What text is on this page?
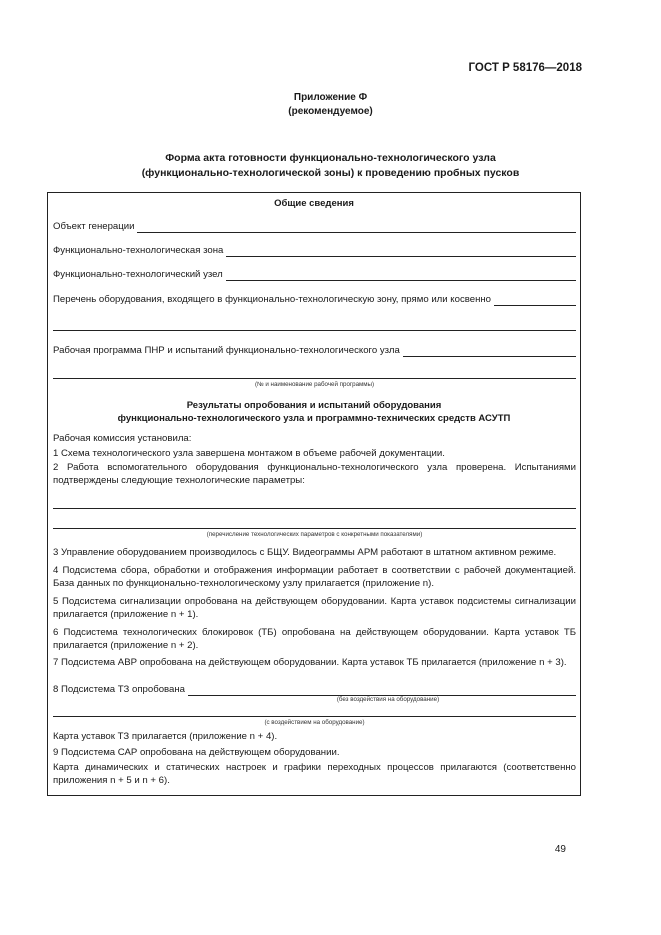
ГОСТ Р 58176—2018
Приложение Ф
(рекомендуемое)
Форма акта готовности функционально-технологического узла
(функционально-технологической зоны) к проведению пробных пусков
Общие сведения
Объект генерации
Функционально-технологическая зона
Функционально-технологический узел
Перечень оборудования, входящего в функционально-технологическую зону, прямо или косвенно
Рабочая программа ПНР и испытаний функционально-технологического узла
(№ и наименование рабочей программы)
Результаты опробования и испытаний оборудования
функционально-технологического узла и программно-технических средств АСУТП
Рабочая комиссия установила:
1 Схема технологического узла завершена монтажом в объеме рабочей документации.
2 Работа вспомогательного оборудования функционально-технологического узла проверена. Испытаниями подтверждены следующие технологические параметры:
(перечисление технологических параметров с конкретными показателями)
3 Управление оборудованием производилось с БЩУ. Видеограммы АРМ работают в штатном активном режиме.
4 Подсистема сбора, обработки и отображения информации работает в соответствии с рабочей документацией. База данных по функционально-технологическому узлу прилагается (приложение n).
5 Подсистема сигнализации опробована на действующем оборудовании. Карта уставок подсистемы сигнализации прилагается (приложение n + 1).
6 Подсистема технологических блокировок (ТБ) опробована на действующем оборудовании. Карта уставок ТБ прилагается (приложение n + 2).
7 Подсистема АВР опробована на действующем оборудовании. Карта уставок ТБ прилагается (приложение n + 3).
8 Подсистема ТЗ опробована
(без воздействия на оборудование)
(с воздействием на оборудование)
Карта уставок ТЗ прилагается (приложение n + 4).
9 Подсистема САР опробована на действующем оборудовании.
Карта динамических и статических настроек и графики переходных процессов прилагаются (соответственно приложения n + 5 и n + 6).
49
